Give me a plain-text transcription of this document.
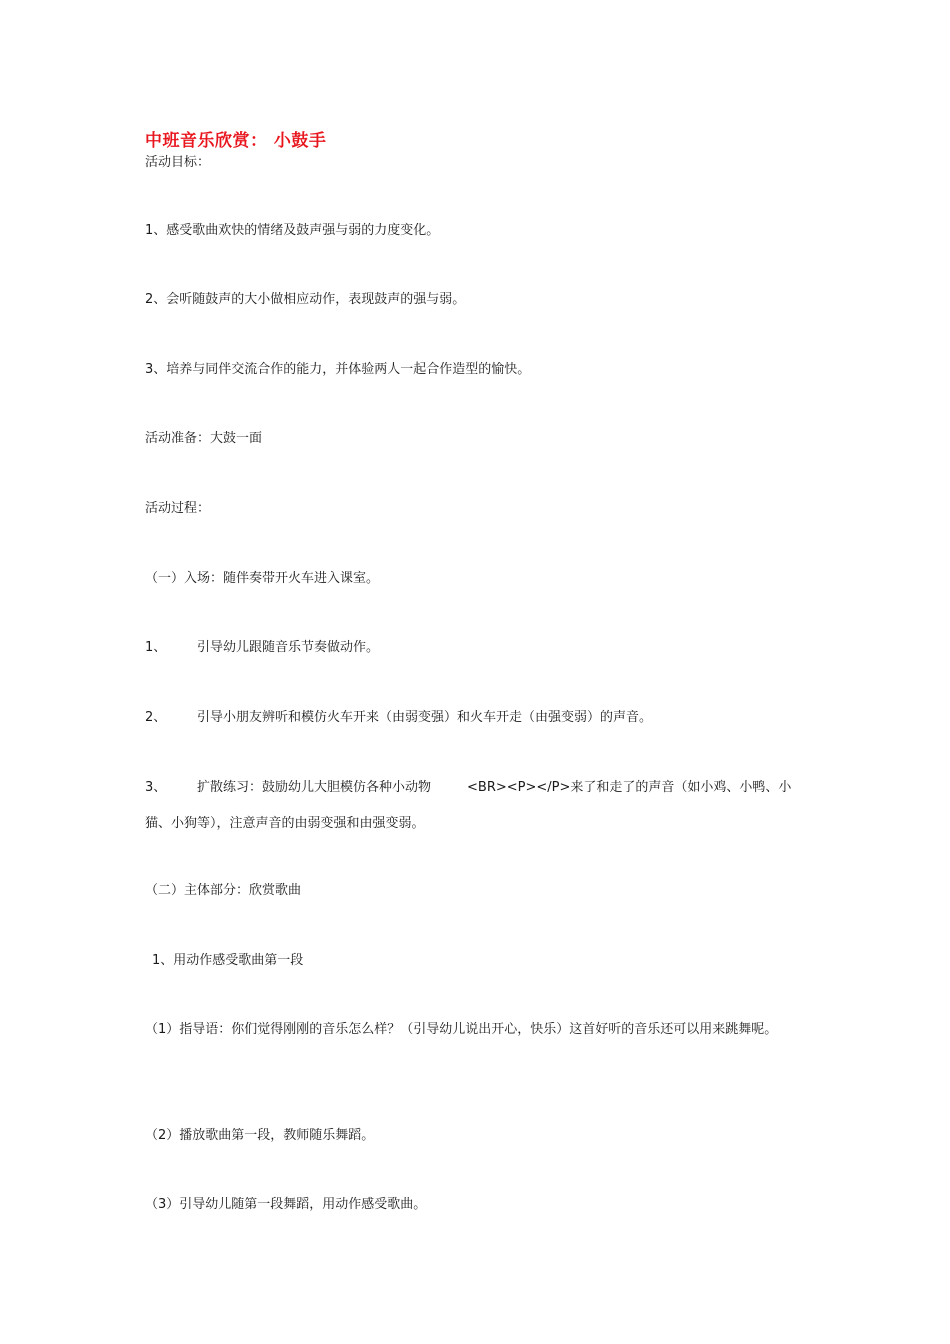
中班音乐欣赏： 小鼓手
活动目标：
1、感受歌曲欢快的情绪及鼓声强与弱的力度变化。
2、会听随鼓声的大小做相应动作，表现鼓声的强与弱。
3、培养与同伴交流合作的能力，并体验两人一起合作造型的愉快。
活动准备：大鼓一面
活动过程：
（一）入场：随伴奏带开火车进入课室。
1、 引导幼儿跟随音乐节奏做动作。
2、 引导小朋友辨听和模仿火车开来（由弱变强）和火车开走（由强变弱）的声音。
3、 扩散练习：鼓励幼儿大胆模仿各种小动物	<BR><P></P>来了和走了的声音（如小鸡、小鸭、小猫、小狗等），注意声音的由弱变强和由强变弱。
（二）主体部分：欣赏歌曲
1、用动作感受歌曲第一段
（1）指导语：你们觉得刚刚的音乐怎么样？（引导幼儿说出开心，快乐）这首好听的音乐还可以用来跳舞呢。
（2）播放歌曲第一段，教师随乐舞蹈。
（3）引导幼儿随第一段舞蹈，用动作感受歌曲。
